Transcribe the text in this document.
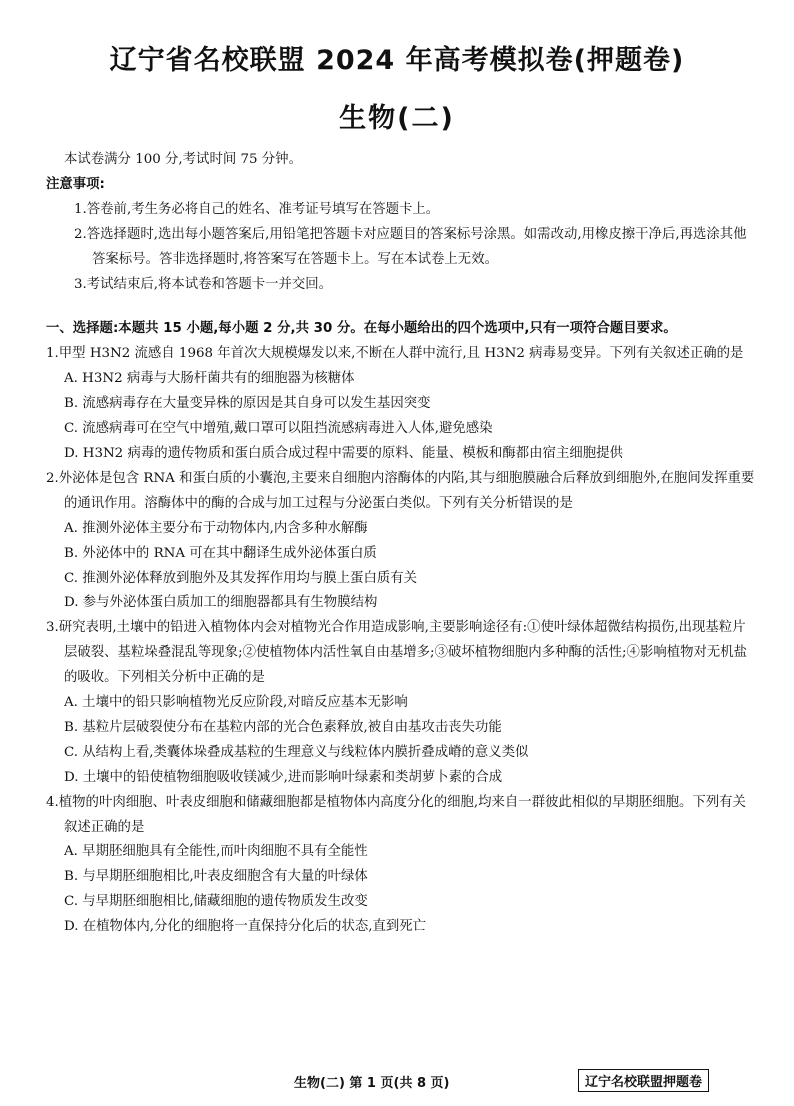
辽宁省名校联盟 2024 年高考模拟卷(押题卷)
生物(二)

本试卷满分 100 分,考试时间 75 分钟。

注意事项:

1.答卷前,考生务必将自己的姓名、准考证号填写在答题卡上。

2.答选择题时,选出每小题答案后,用铅笔把答题卡对应题目的答案标号涂黑。如需改动,用橡皮擦干净后,再选涂其他答案标号。答非选择题时,将答案写在答题卡上。写在本试卷上无效。

3.考试结束后,将本试卷和答题卡一并交回。

一、选择题:本题共 15 小题,每小题 2 分,共 30 分。在每小题给出的四个选项中,只有一项符合题目要求。

1.甲型 H3N2 流感自 1968 年首次大规模爆发以来,不断在人群中流行,且 H3N2 病毒易变异。下列有关叙述正确的是

A. H3N2 病毒与大肠杆菌共有的细胞器为核糖体

B. 流感病毒存在大量变异株的原因是其自身可以发生基因突变

C. 流感病毒可在空气中增殖,戴口罩可以阻挡流感病毒进入人体,避免感染

D. H3N2 病毒的遗传物质和蛋白质合成过程中需要的原料、能量、模板和酶都由宿主细胞提供

2.外泌体是包含 RNA 和蛋白质的小囊泡,主要来自细胞内溶酶体的内陷,其与细胞膜融合后释放到细胞外,在胞间发挥重要的通讯作用。溶酶体中的酶的合成与加工过程与分泌蛋白类似。下列有关分析错误的是

A. 推测外泌体主要分布于动物体内,内含多种水解酶

B. 外泌体中的 RNA 可在其中翻译生成外泌体蛋白质

C. 推测外泌体释放到胞外及其发挥作用均与膜上蛋白质有关

D. 参与外泌体蛋白质加工的细胞器都具有生物膜结构

3.研究表明,土壤中的铅进入植物体内会对植物光合作用造成影响,主要影响途径有:①使叶绿体超微结构损伤,出现基粒片层破裂、基粒垛叠混乱等现象;②使植物体内活性氧自由基增多;③破坏植物细胞内多种酶的活性;④影响植物对无机盐的吸收。下列相关分析中正确的是

A. 土壤中的铅只影响植物光反应阶段,对暗反应基本无影响

B. 基粒片层破裂使分布在基粒内部的光合色素释放,被自由基攻击丧失功能

C. 从结构上看,类囊体垛叠成基粒的生理意义与线粒体内膜折叠成嵴的意义类似

D. 土壤中的铅使植物细胞吸收镁减少,进而影响叶绿素和类胡萝卜素的合成

4.植物的叶肉细胞、叶表皮细胞和储藏细胞都是植物体内高度分化的细胞,均来自一群彼此相似的早期胚细胞。下列有关叙述正确的是

A. 早期胚细胞具有全能性,而叶肉细胞不具有全能性

B. 与早期胚细胞相比,叶表皮细胞含有大量的叶绿体

C. 与早期胚细胞相比,储藏细胞的遗传物质发生改变

D. 在植物体内,分化的细胞将一直保持分化后的状态,直到死亡

生物(二) 第 1 页(共 8 页)	辽宁名校联盟押题卷
